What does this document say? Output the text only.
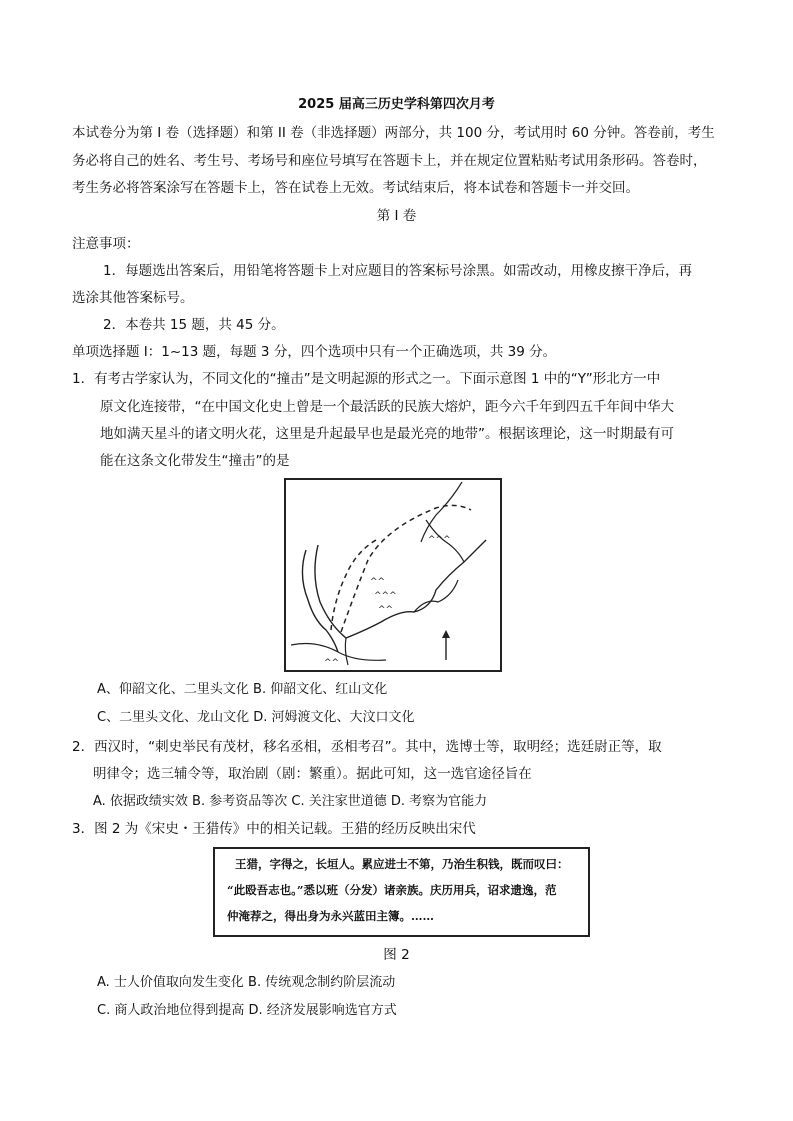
2025 届高三历史学科第四次月考
本试卷分为第 I 卷（选择题）和第 II 卷（非选择题）两部分，共 100 分，考试用时 60 分钟。答卷前，考生
务必将自己的姓名、考生号、考场号和座位号填写在答题卡上，并在规定位置粘贴考试用条形码。答卷时，
考生务必将答案涂写在答题卡上，答在试卷上无效。考试结束后，将本试卷和答题卡一并交回。
第 I 卷
注意事项：
1．每题选出答案后，用铅笔将答题卡上对应题目的答案标号涂黑。如需改动，用橡皮擦干净后，再
选涂其他答案标号。
2．本卷共 15 题，共 45 分。
单项选择题 I：1~13 题，每题 3 分，四个选项中只有一个正确选项，共 39 分。
1．有考古学家认为，不同文化的“撞击”是文明起源的形式之一。下面示意图 1 中的“Y”形北方一中
原文化连接带，“在中国文化史上曾是一个最活跃的民族大熔炉，距今六千年到四五千年间中华大
地如满天星斗的诸文明火花，这里是升起最早也是最光亮的地带”。根据该理论，这一时期最有可
能在这条文化带发生“撞击”的是
^^
^^^
^^
^^^
^^
A、仰韶文化、二里头文化 B. 仰韶文化、红山文化
C、二里头文化、龙山文化 D. 河姆渡文化、大汶口文化
2．西汉时，“刺史举民有茂材，移名丞相，丞相考召”。其中，选博士等，取明经；选廷尉正等，取
明律令；选三辅令等，取治剧（剧：繁重）。据此可知，这一选官途径旨在
A. 依据政绩实效 B. 参考资品等次 C. 关注家世道德 D. 考察为官能力
3．图 2 为《宋史・王猎传》中的相关记载。王猎的经历反映出宋代
王猎，字得之，长垣人。累应进士不第，乃治生积钱，既而叹曰：
“此殴吾志也。”悉以班（分发）诸亲族。庆历用兵，诏求遗逸，范
仲淹荐之，得出身为永兴蓝田主簿。……
图 2
A. 士人价值取向发生变化 B. 传统观念制约阶层流动
C. 商人政治地位得到提高 D. 经济发展影响选官方式
